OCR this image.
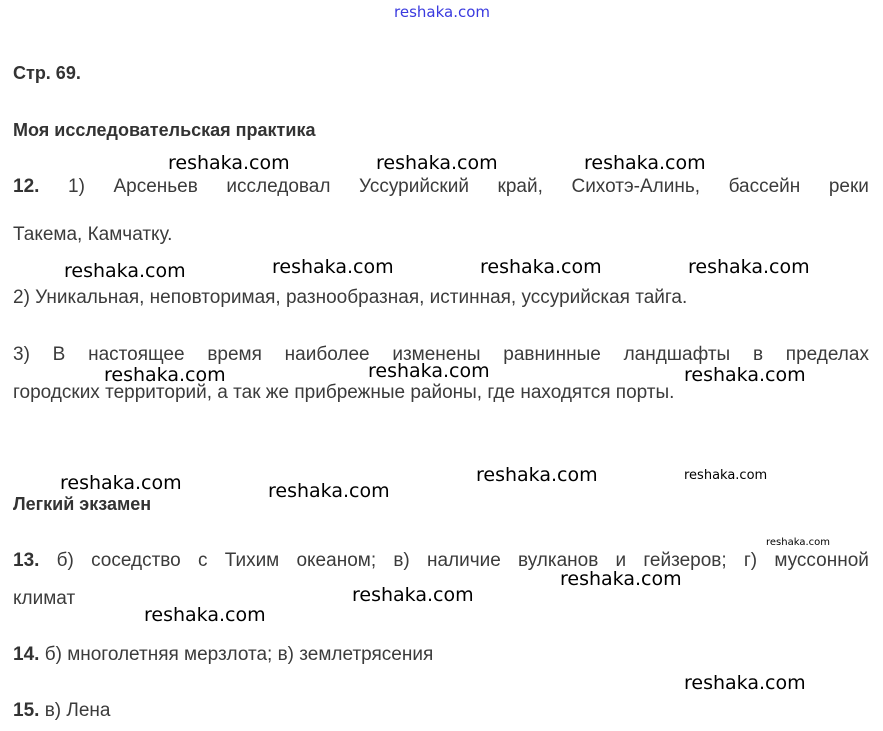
reshaka.com
Стр. 69.
Моя исследовательская практика
12. 1) Арсеньев исследовал Уссурийский край, Сихотэ-Алинь, бассейн реки
Такема, Камчатку.
2) Уникальная, неповторимая, разнообразная, истинная, уссурийская тайга.
3) В настоящее время наиболее изменены равнинные ландшафты в пределах
городских территорий, а так же прибрежные районы, где находятся порты.
Легкий экзамен
13. б) соседство с Тихим океаном; в) наличие вулканов и гейзеров; г) муссонной
климат
14. б) многолетняя мерзлота; в) землетрясения
15. в) Лена
reshaka.com	reshaka.com	reshaka.com
reshaka.com	reshaka.com	reshaka.com	reshaka.com
reshaka.com	reshaka.com	reshaka.com
reshaka.com	reshaka.com	reshaka.com
reshaka.com
reshaka.com
reshaka.com
reshaka.com
reshaka.com
reshaka.com
